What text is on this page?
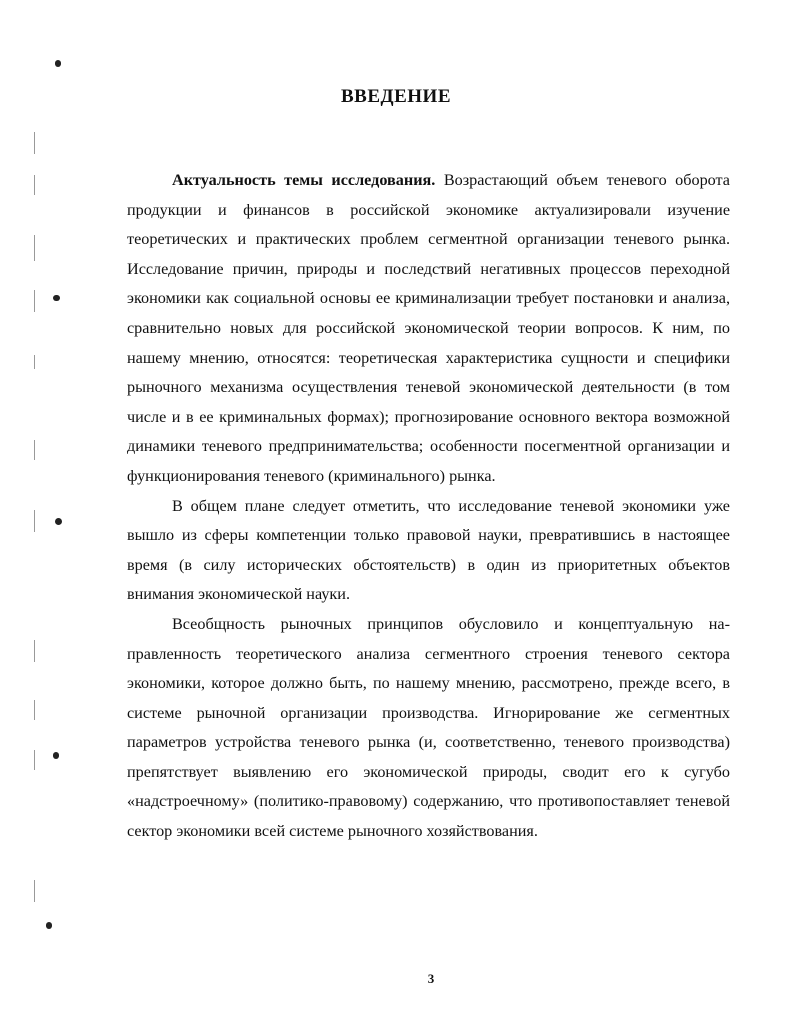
ВВЕДЕНИЕ

Актуальность темы исследования. Возрастающий объем теневого оборота продукции и финансов в российской экономике актуализировали изучение теоретических и практических проблем сегментной организации теневого рынка. Исследование причин, природы и последствий негативных процессов переходной экономики как социальной основы ее криминализации требует постановки и анализа, сравнительно новых для российской экономической теории вопросов. К ним, по нашему мнению, относятся: теоретическая характеристика сущности и специфики рыночного механизма осуществления теневой экономической деятельности (в том числе и в ее криминальных формах); прогнозирование основного вектора возможной динамики теневого предпринимательства; особенности посегментной организации и функционирования теневого (криминального) рынка.

В общем плане следует отметить, что исследование теневой экономики уже вышло из сферы компетенции только правовой науки, превратившись в настоящее время (в силу исторических обстоятельств) в один из приоритетных объектов внимания экономической науки.

Всеобщность рыночных принципов обусловило и концептуальную направленность теоретического анализа сегментного строения теневого сектора экономики, которое должно быть, по нашему мнению, рассмотрено, прежде всего, в системе рыночной организации производства. Игнорирование же сегментных параметров устройства теневого рынка (и, соответственно, теневого производства) препятствует выявлению его экономической природы, сводит его к сугубо «надстроечному» (политико-правовому) содержанию, что противопоставляет теневой сектор экономики всей системе рыночного хозяйствования.

3
